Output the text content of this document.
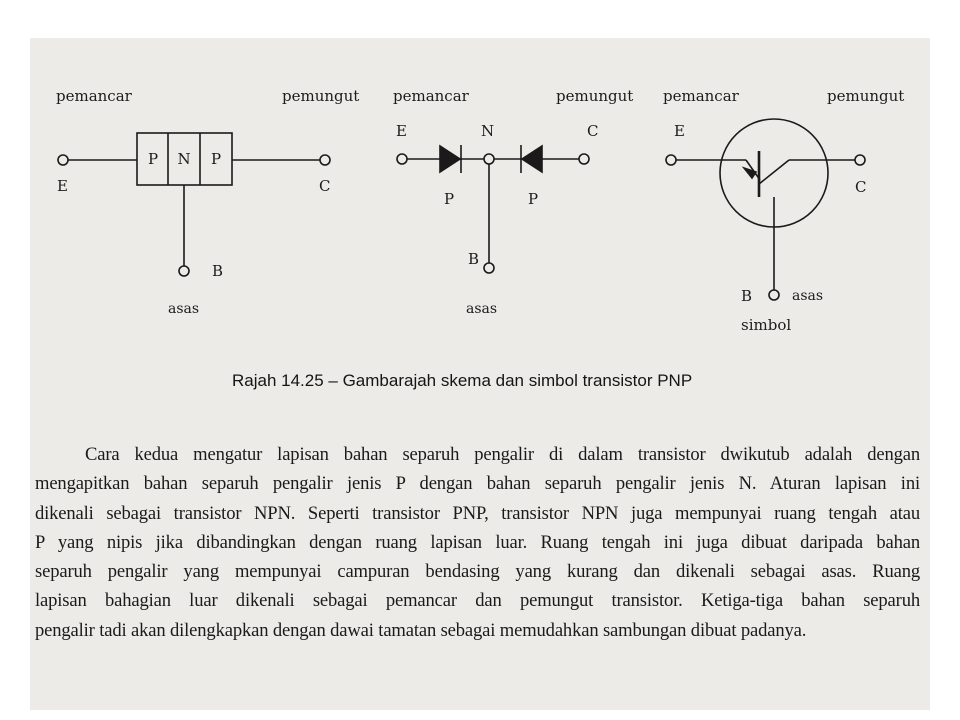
pemancar	pemungut
E	C
P	N	P
B
asas
pemancar	pemungut
E	N	C
P	P
B
asas
pemancar	pemungut
E
C
B	asas
simbol
Rajah 14.25 – Gambarajah skema dan simbol transistor PNP
Cara kedua mengatur lapisan bahan separuh pengalir di dalam transistor dwikutub adalah dengan
mengapitkan bahan separuh pengalir jenis P dengan bahan separuh pengalir jenis N. Aturan lapisan ini
dikenali sebagai transistor NPN. Seperti transistor PNP, transistor NPN juga mempunyai ruang tengah atau
P yang nipis jika dibandingkan dengan ruang lapisan luar. Ruang tengah ini juga dibuat daripada bahan
separuh pengalir yang mempunyai campuran bendasing yang kurang dan dikenali sebagai asas. Ruang
lapisan bahagian luar dikenali sebagai pemancar dan pemungut transistor. Ketiga-tiga bahan separuh
pengalir tadi akan dilengkapkan dengan dawai tamatan sebagai memudahkan sambungan dibuat padanya.
